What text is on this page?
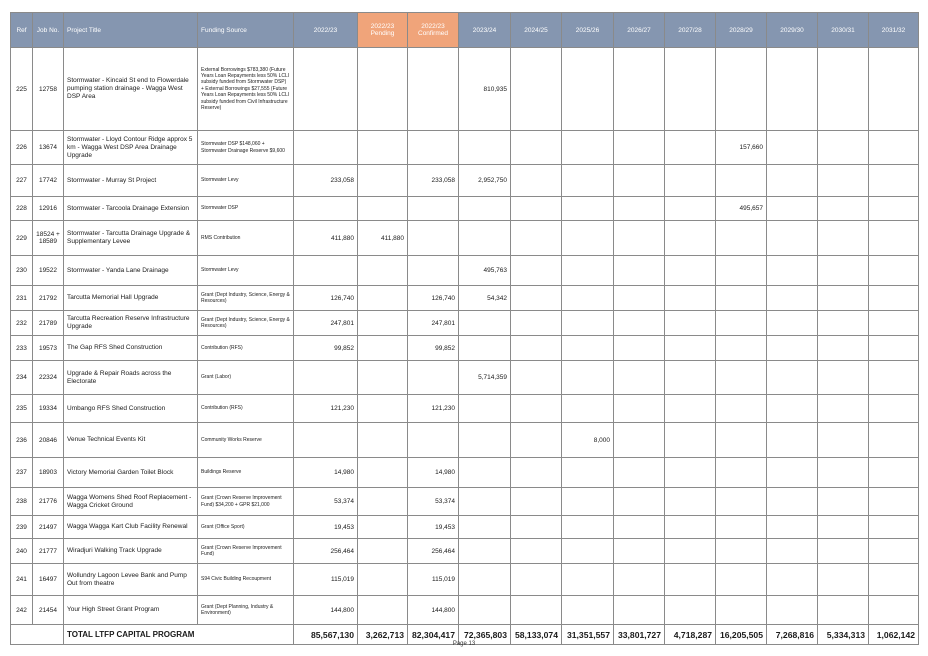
Ref	Job No.	Project Title	Funding Source	2022/23	2022/23 Pending	2022/23 Confirmed	2023/24	2024/25	2025/26	2026/27	2027/28	2028/29	2029/30	2030/31	2031/32
225	12758	Stormwater - Kincaid St end to Flowerdale pumping station drainage - Wagga West DSP Area	External Borrowings $783,380 (Future Years Loan Repayments less 50% LCLI subsidy funded from Stormwater DSP) + External Borrowings $27,555 (Future Years Loan Repayments less 50% LCLI subsidy funded from Civil Infrastructure Reserve)				810,935								
226	13674	Stormwater - Lloyd Contour Ridge approx 5 km - Wagga West DSP Area Drainage Upgrade	Stormwater DSP $148,060 + Stormwater Drainage Reserve $9,600									157,660			
227	17742	Stormwater - Murray St Project	Stormwater Levy	233,058		233,058	2,952,750								
228	12916	Stormwater - Tarcoola Drainage Extension	Stormwater DSP									495,657			
229	18524 + 18589	Stormwater - Tarcutta Drainage Upgrade & Supplementary Levee	RMS Contribution	411,880	411,880										
230	19522	Stormwater - Yanda Lane Drainage	Stormwater Levy				495,763								
231	21792	Tarcutta Memorial Hall Upgrade	Grant (Dept Industry, Science, Energy & Resources)	126,740		126,740	54,342								
232	21789	Tarcutta Recreation Reserve Infrastructure Upgrade	Grant (Dept Industry, Science, Energy & Resources)	247,801		247,801									
233	19573	The Gap RFS Shed Construction	Contribution (RFS)	99,852		99,852									
234	22324	Upgrade & Repair Roads across the Electorate	Grant (Labor)				5,714,359								
235	19334	Umbango RFS Shed Construction	Contribution (RFS)	121,230		121,230									
236	20846	Venue Technical Events Kit	Community Works Reserve						8,000						
237	18903	Victory Memorial Garden Toilet Block	Buildings Reserve	14,980		14,980									
238	21776	Wagga Womens Shed Roof Replacement - Wagga Cricket Ground	Grant (Crown Reserve Improvement Fund) $34,200 + GPR $21,000	53,374		53,374									
239	21497	Wagga Wagga Kart Club Facility Renewal	Grant (Office Sport)	19,453		19,453									
240	21777	Wiradjuri Walking Track Upgrade	Grant (Crown Reserve Improvement Fund)	256,464		256,464									
241	16497	Wollundry Lagoon Levee Bank and Pump Out from theatre	S94 Civic Building Recoupment	115,019		115,019									
242	21454	Your High Street Grant Program	Grant (Dept Planning, Industry & Environment)	144,800		144,800									
		TOTAL LTFP CAPITAL PROGRAM		85,567,130	3,262,713	82,304,417	72,365,803	58,133,074	31,351,557	33,801,727	4,718,287	16,205,505	7,268,816	5,334,313	1,062,142
Page 13
